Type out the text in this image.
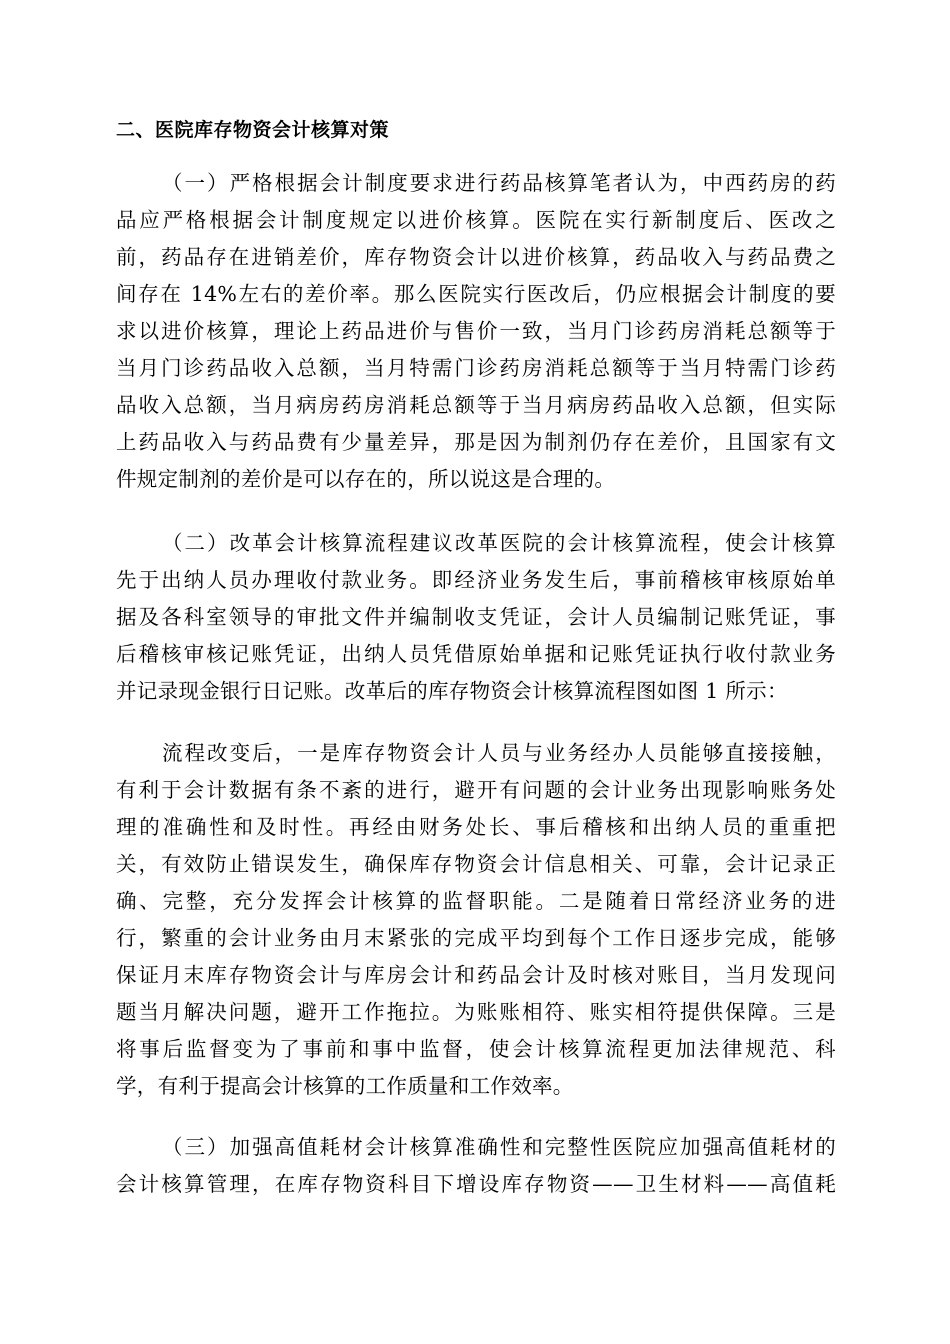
二、医院库存物资会计核算对策
（一）严格根据会计制度要求进行药品核算笔者认为，中西药房的药
品应严格根据会计制度规定以进价核算。医院在实行新制度后、医改之
前，药品存在进销差价，库存物资会计以进价核算，药品收入与药品费之
间存在 14%左右的差价率。那么医院实行医改后，仍应根据会计制度的要
求以进价核算，理论上药品进价与售价一致，当月门诊药房消耗总额等于
当月门诊药品收入总额，当月特需门诊药房消耗总额等于当月特需门诊药
品收入总额，当月病房药房消耗总额等于当月病房药品收入总额，但实际
上药品收入与药品费有少量差异，那是因为制剂仍存在差价，且国家有文
件规定制剂的差价是可以存在的，所以说这是合理的。
（二）改革会计核算流程建议改革医院的会计核算流程，使会计核算
先于出纳人员办理收付款业务。即经济业务发生后，事前稽核审核原始单
据及各科室领导的审批文件并编制收支凭证，会计人员编制记账凭证，事
后稽核审核记账凭证，出纳人员凭借原始单据和记账凭证执行收付款业务
并记录现金银行日记账。改革后的库存物资会计核算流程图如图 1 所示：
流程改变后，一是库存物资会计人员与业务经办人员能够直接接触，
有利于会计数据有条不紊的进行，避开有问题的会计业务出现影响账务处
理的准确性和及时性。再经由财务处长、事后稽核和出纳人员的重重把
关，有效防止错误发生，确保库存物资会计信息相关、可靠，会计记录正
确、完整，充分发挥会计核算的监督职能。二是随着日常经济业务的进
行，繁重的会计业务由月末紧张的完成平均到每个工作日逐步完成，能够
保证月末库存物资会计与库房会计和药品会计及时核对账目，当月发现问
题当月解决问题，避开工作拖拉。为账账相符、账实相符提供保障。三是
将事后监督变为了事前和事中监督，使会计核算流程更加法律规范、科
学，有利于提高会计核算的工作质量和工作效率。
（三）加强高值耗材会计核算准确性和完整性医院应加强高值耗材的
会计核算管理，在库存物资科目下增设库存物资——卫生材料——高值耗
